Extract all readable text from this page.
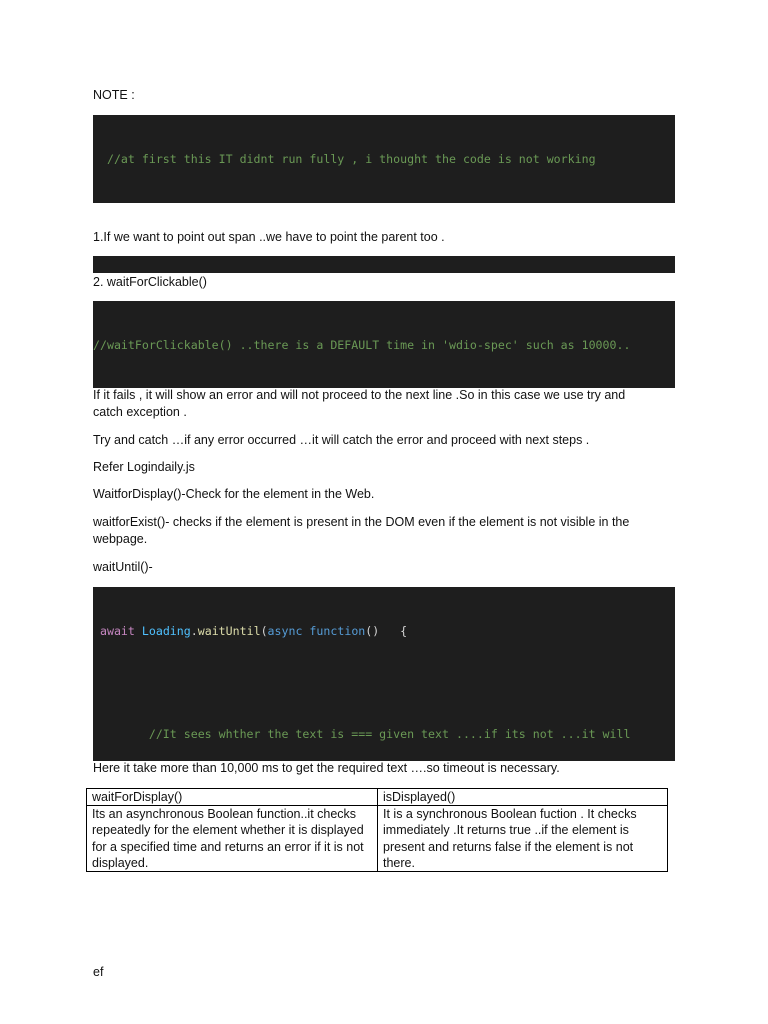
NOTE :

//at first this IT didnt run fully , i thought the code is not working

1.If we want to point out span ..we have to point the parent too .

2. waitForClickable()

//waitForClickable() ..there is a DEFAULT time in 'wdio-spec' such as 10000..

If it fails , it will show an error and will not proceed to the next line .So in this case we use try and
catch exception .
Try and catch …if any error occurred …it will catch the error and proceed with next steps .
Refer Logindaily.js
WaitforDisplay()-Check for the element in the Web.
waitforExist()- checks if the element is present in the DOM even if the element is not visible in the
webpage.
waitUntil()-

await Loading.waitUntil(async function()   {

//It sees whther the text is === given text ....if its not ...it will

Here it take more than 10,000 ms to get the required text ….so timeout is necessary.
waitForDisplay()	isDisplayed()
Its an asynchronous Boolean function..it checks repeatedly for the element whether it is displayed for a specified time and returns an error if it is not displayed.	It is a synchronous Boolean fuction . It checks immediately .It returns true ..if the element is present and returns false if the element is not there.
ef
